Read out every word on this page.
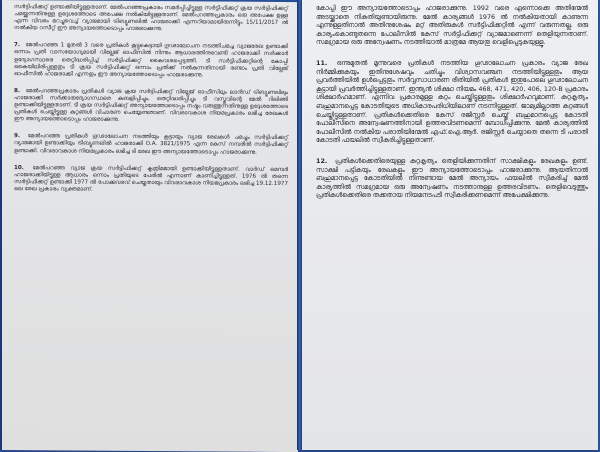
സർട്ടിഫിക്കറ്റ് ഉണ്ടാക്കിയിട്ടുള്ളതാണ്. മേൽപറഞ്ഞപ്രകാരം സമർപ്പിച്ചിട്ടുള്ള സർട്ടിഫിക്കറ്റ് ക്രയ സർട്ടിഫിക്കറ്റ് ചമയ്ക്കുന്നതിനുള്ള ഉദ്ദേശത്തോടെ അപേക്ഷ നൽകിയിട്ടുള്ളതാണ്. മേൽപറഞ്ഞപ്രകാരം ഒരു അപേക്ഷ ഉള്ള എന്ന വിവരം മറച്ചുവെച്ച് വ്യാജമായി ട്രിബ്യൂണലിൽ ഹാജരാക്കി എന്നറിയാമായിരുന്നിട്ടും 15/11/2017 ൽ നൽകിയ റസീറ്റ് ഈ അന്യായത്തോടൊപ്പം ഹാജരാക്കുന്നു.

7. മേൽപറഞ്ഞ 1 മുതൽ 3 വരെ പ്രതികൾ കൂട്ടുകെട്ടായി ഗൂഢാലോചന നടത്തിചമച്ച വ്യാജരേഖ ഉണ്ടാക്കി ഒന്നാം പ്രതി വാസയോഗ്യമായി വില്ലേജ് ഓഫീസിൽ നിന്നും ആധാരത്തിനുവേണ്ടി ഹാജരാക്കി സർക്കാർ ഉദ്യോഗസ്ഥരെ തെറ്റിദ്ധരിപ്പിച്ച് സർട്ടിഫിക്കറ്റ് കൈവശപ്പെടുത്തി. ടി സർട്ടിഫിക്കറ്റിന്റെ കോപ്പി കൈയിലിരിപ്പുള്ളതും ടി ക്രയ സർട്ടിഫിക്കറ്റ് ഒന്നാം പ്രതിക്ക് നൽകുന്നതിനായി രണ്ടാം പ്രതി വില്ലേജ് ഓഫീസിൽ ഹാജരാക്കി എന്നതും ഈ അന്യായത്തോടൊപ്പം ഹാജരാക്കുന്നു.

8. മേൽപറഞ്ഞപ്രകാരം പ്രതികൾ വ്യാജ ക്രയ സർട്ടിഫിക്കറ്റ് വില്ലേജ് ഓഫീസിലും ലാൻഡ് ട്രിബ്യൂണലിലും ഹാജരാക്കി സർക്കാരുദ്യോഗസ്ഥരെ കബളിപ്പിച്ചും, തെറ്റിദ്ധരിപ്പിച്ചും ടി വസ്തുവിന്റെ മേൽ റിലിങ്ങി ഉണ്ടാക്കിയിട്ടുള്ളതാണ്. ടി ക്രയ സർട്ടിഫിക്കറ്റ് അന്യായത്തോടൊപ്പം നഷ്ടം വരുത്തുന്നതിനുള്ള ഉദ്ദേശത്തോടെ പ്രതികൾ ചെയ്തിട്ടുള്ള കുറ്റങ്ങൾ വിചാരണ ചെയ്യേണ്ടതാണ്. വിവരാവകാശ നിയമപ്രകാരം ലഭിച്ച രേഖകൾ ഈ അന്യായത്തോടൊപ്പം ഹാജരാക്കുന്നു.

9. മേൽപറഞ്ഞ പ്രതികൾ ഗൂഢാലോചന നടത്തിയും കൂട്ടായും വ്യാജ രേഖകൾ ചമച്ചും സർട്ടിഫിക്കറ്റ് വ്യാജമായി ഉണ്ടാക്കിയും ട്രിബ്യൂണലിൽ ഹാജരാക്കി O.A. 3821/1975 എന്ന കേസ് നമ്പരിൽ സർട്ടിഫിക്കറ്റ് ഉണ്ടാക്കി. വിവരാവകാശ നിയമപ്രകാരം ലഭിച്ച ടി രേഖ ഈ അന്യായത്തോടൊപ്പം ഹാജരാക്കുന്നു.

10. മേൽപറഞ്ഞ വ്യാജ ക്രയ സർട്ടിഫിക്കറ്റ് കൃത്രിമമായി ഉണ്ടാക്കിയിട്ടുള്ളതാണ്. വാർഡ് മെമ്പർ ഹാജരാക്കിയിട്ടുള്ള ആധാരം ഒന്നാം പ്രതിയുടെ പേരിൽ എന്നാണ് കാണിച്ചിട്ടുള്ളത്. 1976 ൽ തന്നെ സർട്ടിഫിക്കറ്റ് ഉണ്ടാക്കി 1977 ൽ പോക്കുവരവ് ചെയ്തതായും വിവരാവകാശ നിയമപ്രകാരം ലഭിച്ച 19.12.1977 ലെ രേഖ പ്രകാരം വ്യക്തമാണ്.

കോപ്പി ഈ അന്യായത്തോടൊപ്പം ഹാജരാക്കുന്നു. 1992 വരെ എന്നൊക്കെ അതിന്മേൽ അടയ്ക്കാതെ നികുതിയുണ്ടായിരുന്നു. മേൽ കാര്യങ്ങൾ 1976 ൽ നൽകിയതായി കാണുന്ന എന്നുള്ളതിനാൽ അതിനുശേഷം മറ്റ് അതിരുകൾ സർട്ടിഫിക്കറ്റിൽ എന്ന് വരുന്നതല്ല. ഒരു കാര്യംകൊണ്ടുതന്നെ പോലീസിൽ കേസ് സർട്ടിഫിക്കറ്റ് വ്യാജമാണെന്ന് തെളിയുന്നതാണ്. സമഗ്രമായ ഒരു അന്വേഷണം നടത്തിയാൽ മാത്രമേ ആയതു വെളിപ്പെടുകയുള്ളൂ.

11. ഒന്നുമുതൽ മൂന്നുവരെ പ്രതികൾ നടത്തിയ ഗൂഢാലോചന പ്രകാരം വ്യാജ രേഖ നിർമ്മിക്കുകയും ഇതിനുശേഷവും ചതിച്ചും വിശ്വാസവഞ്ചന നടത്തിയിട്ടുള്ളതും ആയ പ്രവർത്തിയിൽ ഉൾപ്പെട്ടതും സർവ്വസാധാരണ രീതിയിൽ പ്രതികൾ ഇതുപോലെ ഗൂഢാലോചന കൂട്ടായി പ്രവർത്തിച്ചിട്ടുള്ളതാണ്. ഇന്ത്യൻ ശിക്ഷാ നിയമം 468, 471, 420, 406, 120-B പ്രകാരം ശിക്ഷാർഹമാണ്. എന്നിവ പ്രകാരമുള്ള കുറ്റം ചെയ്തിട്ടുള്ളതും ശിക്ഷാർഹവുമാണ്. കുറ്റകൃത്യം ബഹുമാനപ്പെട്ട കോടതിയുടെ അധികാരപരിധിയിലാണ് നടന്നിട്ടുള്ളത്. ജാമ്യമില്ലാത്ത കുറ്റങ്ങൾ ചെയ്തിട്ടുള്ളതാണ്. പ്രതികൾക്കെതിരെ കേസ് രജിസ്റ്റർ ചെയ്ത് ബഹുമാനപ്പെട്ട കോടതി പോലീസിനെ അന്വേഷണത്തിനായി ഉത്തരവിടണമെന്ന് ബോധിപ്പിക്കുന്നു. മേൽ കാര്യത്തിൽ പോലീസിൽ നൽകിയ പരാതിയിന്മേൽ എഫ്.ഐ.ആർ. രജിസ്റ്റർ ചെയ്യാതെ തന്നെ ടി പരാതി കോടതി ഫയലിൽ സ്വീകരിച്ചിട്ടുള്ളതാണ്.

12. പ്രതികൾക്കെതിരെയുള്ള കുറ്റകൃത്യം തെളിയിക്കുന്നതിന് സാക്ഷികളും രേഖകളും ഉണ്ട്. സാക്ഷി പട്ടികയും രേഖകളും ഈ അന്യായത്തോടൊപ്പം ഹാജരാക്കുന്നു. ആയതിനാൽ ബഹുമാനപ്പെട്ട കോടതിയിൽ നിന്നുണ്ടായ മേൽ അന്യായം ഫയലിൽ സ്വീകരിച്ച് മേൽ കാര്യത്തിൽ സമഗ്രമായ ഒരു അന്വേഷണം നടത്താനുള്ള ഉത്തരവിടണം. തെളിവെടുത്തും പ്രതികൾക്കെതിരെ തക്കതായ നിയമനടപടി സ്വീകരിക്കണമെന്ന് അപേക്ഷിക്കുന്നു.
